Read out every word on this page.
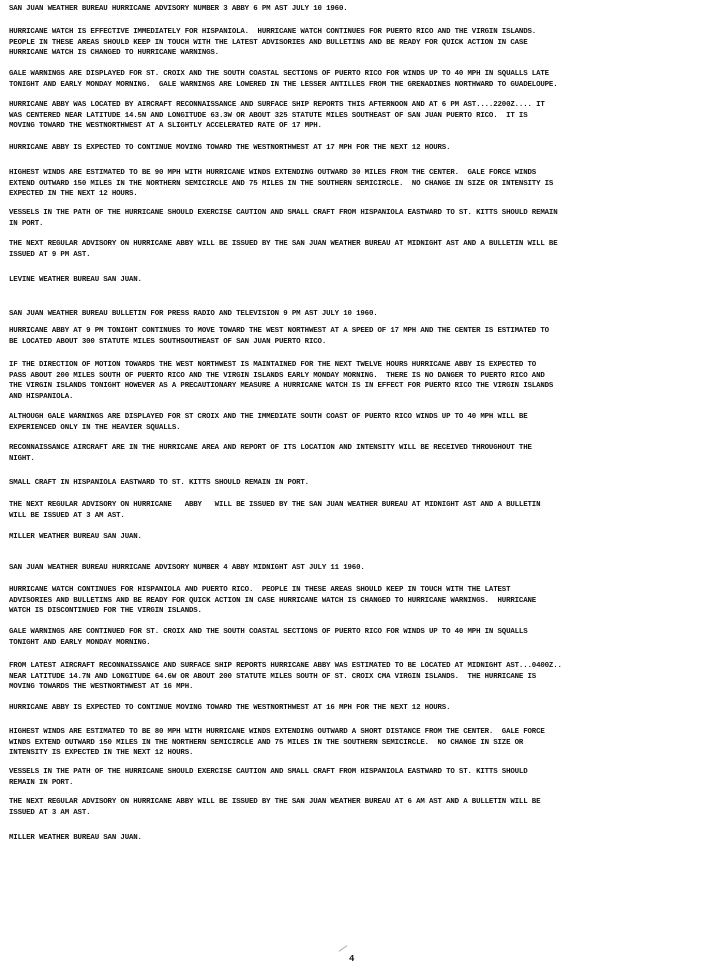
SAN JUAN WEATHER BUREAU HURRICANE ADVISORY NUMBER 3 ABBY 6 PM AST JULY 10 1960.

HURRICANE WATCH IS EFFECTIVE IMMEDIATELY FOR HISPANIOLA.  HURRICANE WATCH CONTINUES FOR PUERTO RICO AND THE VIRGIN ISLANDS.
PEOPLE IN THESE AREAS SHOULD KEEP IN TOUCH WITH THE LATEST ADVISORIES AND BULLETINS AND BE READY FOR QUICK ACTION IN CASE
HURRICANE WATCH IS CHANGED TO HURRICANE WARNINGS.

GALE WARNINGS ARE DISPLAYED FOR ST. CROIX AND THE SOUTH COASTAL SECTIONS OF PUERTO RICO FOR WINDS UP TO 40 MPH IN SQUALLS LATE
TONIGHT AND EARLY MONDAY MORNING.  GALE WARNINGS ARE LOWERED IN THE LESSER ANTILLES FROM THE GRENADINES NORTHWARD TO GUADELOUPE.

HURRICANE ABBY WAS LOCATED BY AIRCRAFT RECONNAISSANCE AND SURFACE SHIP REPORTS THIS AFTERNOON AND AT 6 PM AST....2200Z.... IT
WAS CENTERED NEAR LATITUDE 14.5N AND LONGITUDE 63.3W OR ABOUT 325 STATUTE MILES SOUTHEAST OF SAN JUAN PUERTO RICO.  IT IS
MOVING TOWARD THE WESTNORTHWEST AT A SLIGHTLY ACCELERATED RATE OF 17 MPH.

HURRICANE ABBY IS EXPECTED TO CONTINUE MOVING TOWARD THE WESTNORTHWEST AT 17 MPH FOR THE NEXT 12 HOURS.

HIGHEST WINDS ARE ESTIMATED TO BE 90 MPH WITH HURRICANE WINDS EXTENDING OUTWARD 30 MILES FROM THE CENTER.  GALE FORCE WINDS
EXTEND OUTWARD 150 MILES IN THE NORTHERN SEMICIRCLE AND 75 MILES IN THE SOUTHERN SEMICIRCLE.  NO CHANGE IN SIZE OR INTENSITY IS
EXPECTED IN THE NEXT 12 HOURS.

VESSELS IN THE PATH OF THE HURRICANE SHOULD EXERCISE CAUTION AND SMALL CRAFT FROM HISPANIOLA EASTWARD TO ST. KITTS SHOULD REMAIN
IN PORT.

THE NEXT REGULAR ADVISORY ON HURRICANE ABBY WILL BE ISSUED BY THE SAN JUAN WEATHER BUREAU AT MIDNIGHT AST AND A BULLETIN WILL BE
ISSUED AT 9 PM AST.

LEVINE WEATHER BUREAU SAN JUAN.

SAN JUAN WEATHER BUREAU BULLETIN FOR PRESS RADIO AND TELEVISION 9 PM AST JULY 10 1960.

HURRICANE ABBY AT 9 PM TONIGHT CONTINUES TO MOVE TOWARD THE WEST NORTHWEST AT A SPEED OF 17 MPH AND THE CENTER IS ESTIMATED TO
BE LOCATED ABOUT 300 STATUTE MILES SOUTHSOUTHEAST OF SAN JUAN PUERTO RICO.

IF THE DIRECTION OF MOTION TOWARDS THE WEST NORTHWEST IS MAINTAINED FOR THE NEXT TWELVE HOURS HURRICANE ABBY IS EXPECTED TO
PASS ABOUT 200 MILES SOUTH OF PUERTO RICO AND THE VIRGIN ISLANDS EARLY MONDAY MORNING.  THERE IS NO DANGER TO PUERTO RICO AND
THE VIRGIN ISLANDS TONIGHT HOWEVER AS A PRECAUTIONARY MEASURE A HURRICANE WATCH IS IN EFFECT FOR PUERTO RICO THE VIRGIN ISLANDS
AND HISPANIOLA.

ALTHOUGH GALE WARNINGS ARE DISPLAYED FOR ST CROIX AND THE IMMEDIATE SOUTH COAST OF PUERTO RICO WINDS UP TO 40 MPH WILL BE
EXPERIENCED ONLY IN THE HEAVIER SQUALLS.

RECONNAISSANCE AIRCRAFT ARE IN THE HURRICANE AREA AND REPORT OF ITS LOCATION AND INTENSITY WILL BE RECEIVED THROUGHOUT THE
NIGHT.

SMALL CRAFT IN HISPANIOLA EASTWARD TO ST. KITTS SHOULD REMAIN IN PORT.

THE NEXT REGULAR ADVISORY ON HURRICANE   ABBY   WILL BE ISSUED BY THE SAN JUAN WEATHER BUREAU AT MIDNIGHT AST AND A BULLETIN
WILL BE ISSUED AT 3 AM AST.

MILLER WEATHER BUREAU SAN JUAN.

SAN JUAN WEATHER BUREAU HURRICANE ADVISORY NUMBER 4 ABBY MIDNIGHT AST JULY 11 1960.

HURRICANE WATCH CONTINUES FOR HISPANIOLA AND PUERTO RICO.  PEOPLE IN THESE AREAS SHOULD KEEP IN TOUCH WITH THE LATEST
ADVISORIES AND BULLETINS AND BE READY FOR QUICK ACTION IN CASE HURRICANE WATCH IS CHANGED TO HURRICANE WARNINGS.  HURRICANE
WATCH IS DISCONTINUED FOR THE VIRGIN ISLANDS.

GALE WARNINGS ARE CONTINUED FOR ST. CROIX AND THE SOUTH COASTAL SECTIONS OF PUERTO RICO FOR WINDS UP TO 40 MPH IN SQUALLS
TONIGHT AND EARLY MONDAY MORNING.

FROM LATEST AIRCRAFT RECONNAISSANCE AND SURFACE SHIP REPORTS HURRICANE ABBY WAS ESTIMATED TO BE LOCATED AT MIDNIGHT AST...0400Z..
NEAR LATITUDE 14.7N AND LONGITUDE 64.6W OR ABOUT 200 STATUTE MILES SOUTH OF ST. CROIX CMA VIRGIN ISLANDS.  THE HURRICANE IS
MOVING TOWARDS THE WESTNORTHWEST AT 16 MPH.

HURRICANE ABBY IS EXPECTED TO CONTINUE MOVING TOWARD THE WESTNORTHWEST AT 16 MPH FOR THE NEXT 12 HOURS.

HIGHEST WINDS ARE ESTIMATED TO BE 80 MPH WITH HURRICANE WINDS EXTENDING OUTWARD A SHORT DISTANCE FROM THE CENTER.  GALE FORCE
WINDS EXTEND OUTWARD 150 MILES IN THE NORTHERN SEMICIRCLE AND 75 MILES IN THE SOUTHERN SEMICIRCLE.  NO CHANGE IN SIZE OR
INTENSITY IS EXPECTED IN THE NEXT 12 HOURS.

VESSELS IN THE PATH OF THE HURRICANE SHOULD EXERCISE CAUTION AND SMALL CRAFT FROM HISPANIOLA EASTWARD TO ST. KITTS SHOULD
REMAIN IN PORT.

THE NEXT REGULAR ADVISORY ON HURRICANE ABBY WILL BE ISSUED BY THE SAN JUAN WEATHER BUREAU AT 6 AM AST AND A BULLETIN WILL BE
ISSUED AT 3 AM AST.

MILLER WEATHER BUREAU SAN JUAN.

4
